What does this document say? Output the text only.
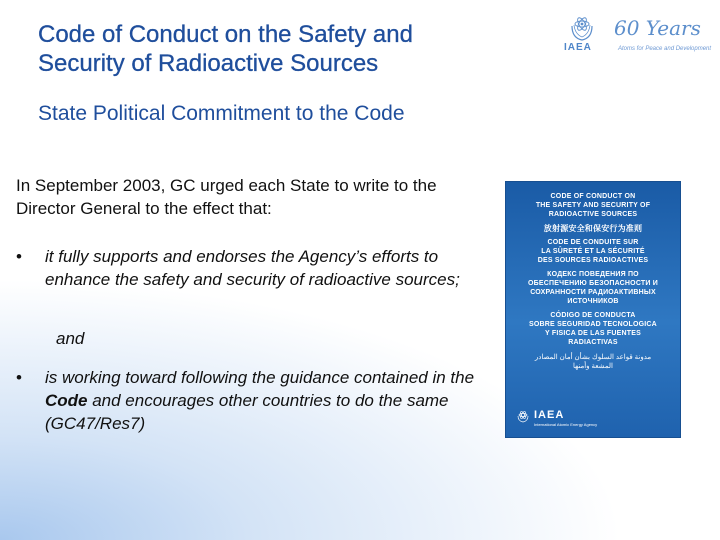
Code of Conduct on the Safety and
Security of Radioactive Sources
State Political Commitment to the Code
60 Years
IAEA	Atoms for Peace and Development
In September 2003, GC urged each State to write to the Director General to the effect that:
• it fully supports and endorses the Agency’s efforts to enhance the safety and security of radioactive sources;
and
• is working toward following the guidance contained in the Code and encourages other countries to do the same (GC47/Res7)
CODE OF CONDUCT ON
THE SAFETY AND SECURITY OF
RADIOACTIVE SOURCES
放射源安全和保安行为准则
CODE DE CONDUITE SUR
LA SÛRETÉ ET LA SÉCURITÉ
DES SOURCES RADIOACTIVES
КОДЕКС ПОВЕДЕНИЯ ПО
ОБЕСПЕЧЕНИЮ БЕЗОПАСНОСТИ И
СОХРАННОСТИ РАДИОАКТИВНЫХ
ИСТОЧНИКОВ
CÓDIGO DE CONDUCTA
SOBRE SEGURIDAD TECNOLOGICA
Y FISICA DE LAS FUENTES
RADIACTIVAS
مدونة قواعد السلوك بشأن أمان المصادر
المشعة وأمنها
IAEA
International Atomic Energy Agency
